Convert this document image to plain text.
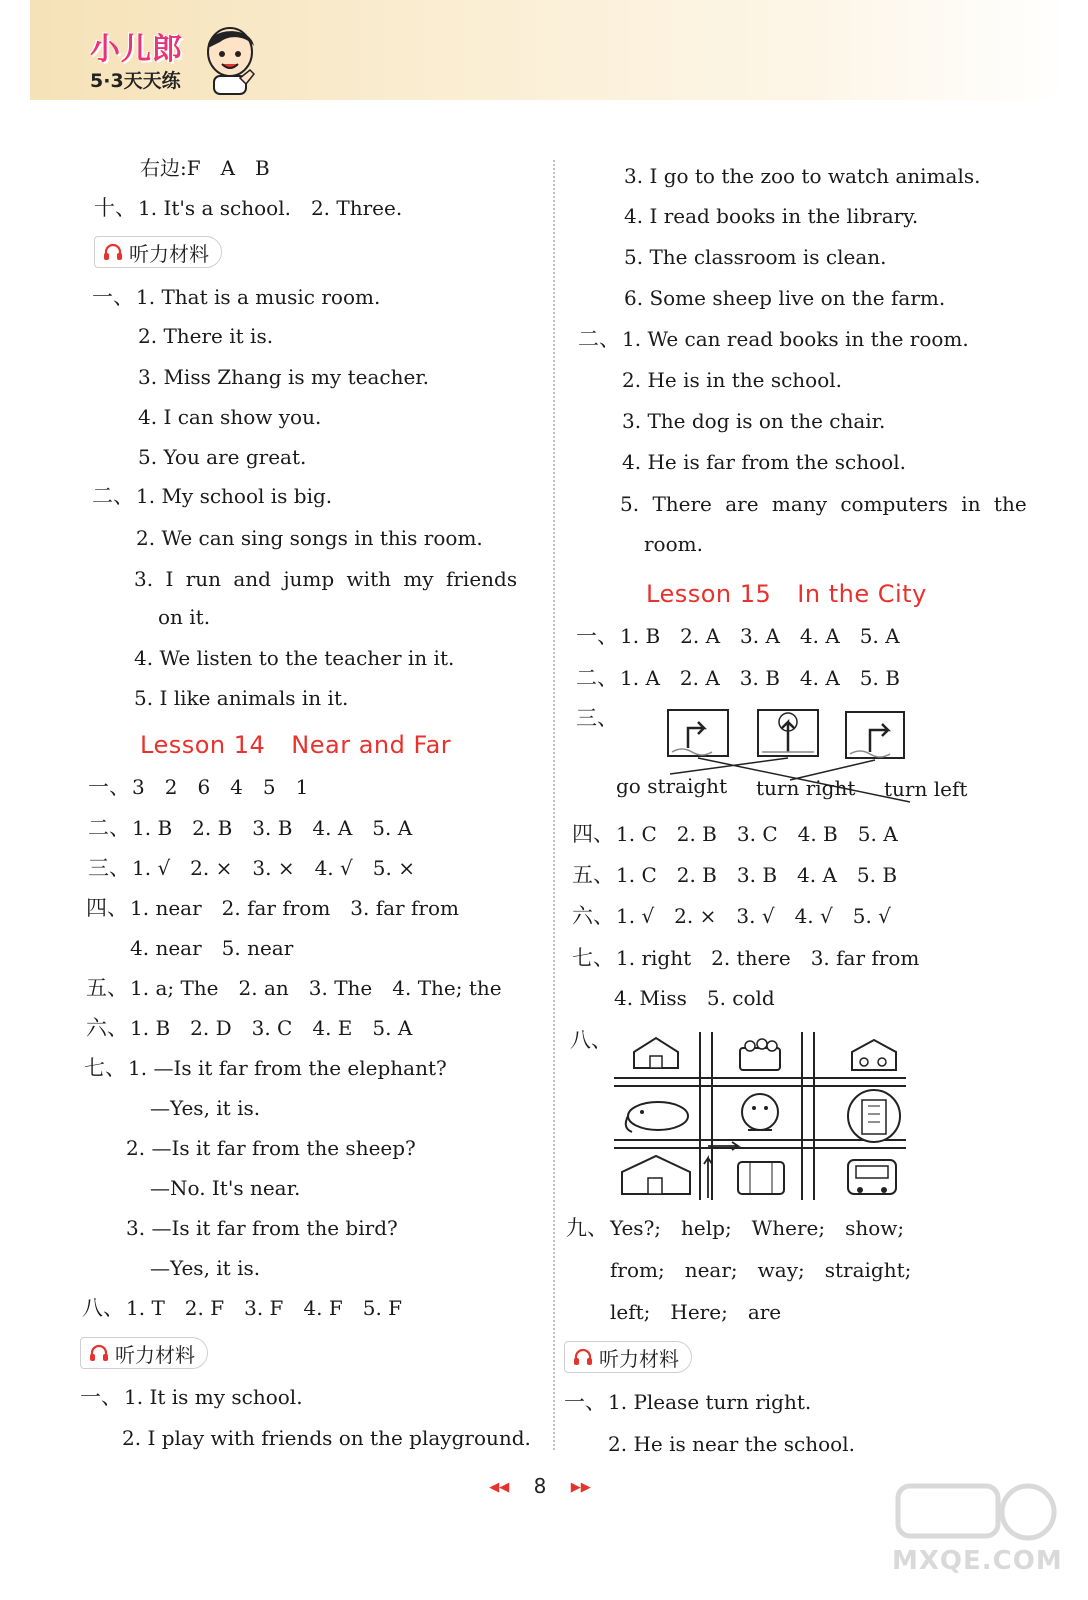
小儿郎
5·3天天练
右边:F　A　B
十、 1. It's a school.　2. Three.
听力材料
一、 1. That is a music room.
2. There it is.
3. Miss Zhang is my teacher.
4. I can show you.
5. You are great.
二、 1. My school is big.
2. We can sing songs in this room.
3. I run and jump with my friends
on it.
4. We listen to the teacher in it.
5. I like animals in it.
Lesson 14 Near and Far
一、 3　2　6　4　5　1
二、 1. B　2. B　3. B　4. A　5. A
三、 1. √　2. ×　3. ×　4. √　5. ×
四、 1. near　2. far from　3. far from
4. near　5. near
五、 1. a; The　2. an　3. The　4. The; the
六、 1. B　2. D　3. C　4. E　5. A
七、 1. —Is it far from the elephant?
—Yes, it is.
2. —Is it far from the sheep?
—No. It's near.
3. —Is it far from the bird?
—Yes, it is.
八、 1. T　2. F　3. F　4. F　5. F
听力材料
一、 1. It is my school.
2. I play with friends on the playground.
3. I go to the zoo to watch animals.
4. I read books in the library.
5. The classroom is clean.
6. Some sheep live on the farm.
二、 1. We can read books in the room.
2. He is in the school.
3. The dog is on the chair.
4. He is far from the school.
5. There are many computers in the
room.
Lesson 15 In the City
一、 1. B　2. A　3. A　4. A　5. A
二、 1. A　2. A　3. B　4. A　5. B
三、
go straight turn right turn left
四、 1. C　2. B　3. C　4. B　5. A
五、 1. C　2. B　3. B　4. A　5. B
六、 1. √　2. ×　3. √　4. √　5. √
七、 1. right　2. there　3. far from
4. Miss　5. cold
八、
九、 Yes?;　help;　Where;　show;
from;　near;　way;　straight;
left;　Here;　are
听力材料
一、 1. Please turn right.
2. He is near the school.
◀◀ 8 ▶▶
MXQE.COM
